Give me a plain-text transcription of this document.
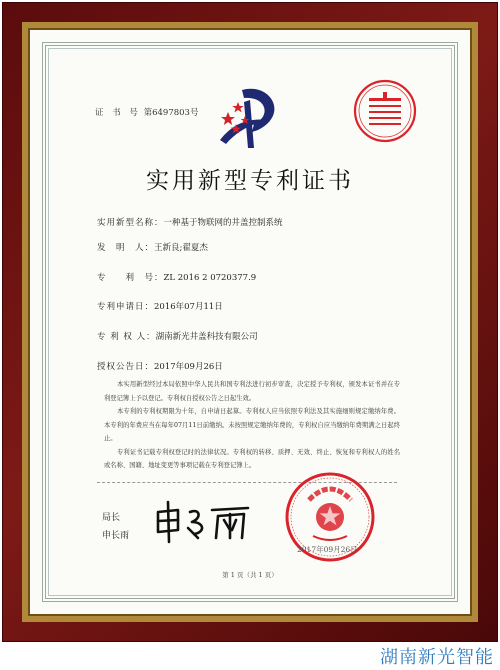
证 书 号 第6497803号
实用新型专利证书
实用新型名称：一种基于物联网的井盖控制系统
发　明　人：王新良;翟夏杰
专　　利　号：ZL 2016 2 0720377.9
专利申请日：2016年07月11日
专 利 权 人：湖南新光井盖科技有限公司
授权公告日：2017年09月26日

本实用新型经过本局依照中华人民共和国专利法进行初步审查，决定授予专利权，颁发本证书并在专利登记簿上予以登记。专利权自授权公告之日起生效。

本专利的专利权期限为十年，自申请日起算。专利权人应当依照专利法及其实施细则规定缴纳年费。本专利的年费应当在每年07月11日前缴纳。未按照规定缴纳年费的，专利权自应当缴纳年费期满之日起终止。

专利证书记载专利权登记时的法律状况。专利权的转移、质押、无效、终止、恢复和专利权人的姓名或名称、国籍、地址变更等事项记载在专利登记簿上。

局长
申长雨
2017年09月26日
第 1 页（共 1 页）
湖南新光智能
